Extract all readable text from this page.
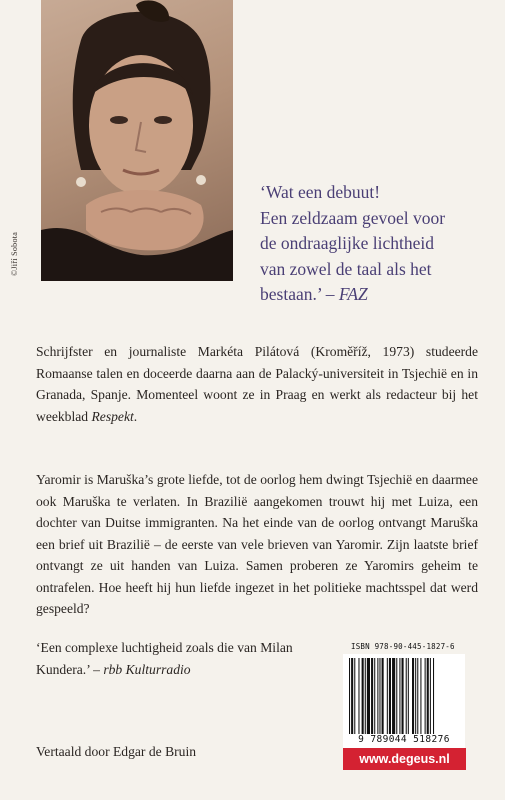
©Jiří Sobota
‘Wat een debuut!
Een zeldzaam gevoel voor
de ondraaglijke lichtheid
van zowel de taal als het
bestaan.’ – FAZ
Schrijfster en journaliste Markéta Pilátová (Kroměříž, 1973) studeerde Romaanse talen en doceerde daarna aan de Palacký-universiteit in Tsjechië en in Granada, Spanje. Momenteel woont ze in Praag en werkt als redacteur bij het weekblad Respekt.
Yaromir is Maruška’s grote liefde, tot de oorlog hem dwingt Tsjechië en daarmee ook Maruška te verlaten. In Brazilië aangekomen trouwt hij met Luiza, een dochter van Duitse immigranten. Na het einde van de oorlog ontvangt Maruška een brief uit Brazilië – de eerste van vele brieven van Yaromir. Zijn laatste brief ontvangt ze uit handen van Luiza. Samen proberen ze Yaromirs geheim te ontrafelen. Hoe heeft hij hun liefde ingezet in het politieke machtsspel dat werd gespeeld?
‘Een complexe luchtigheid zoals die van Milan Kundera.’ – rbb Kulturradio
Vertaald door Edgar de Bruin
ISBN 978-90-445-1827-6
9 789044 518276
www.degeus.nl
